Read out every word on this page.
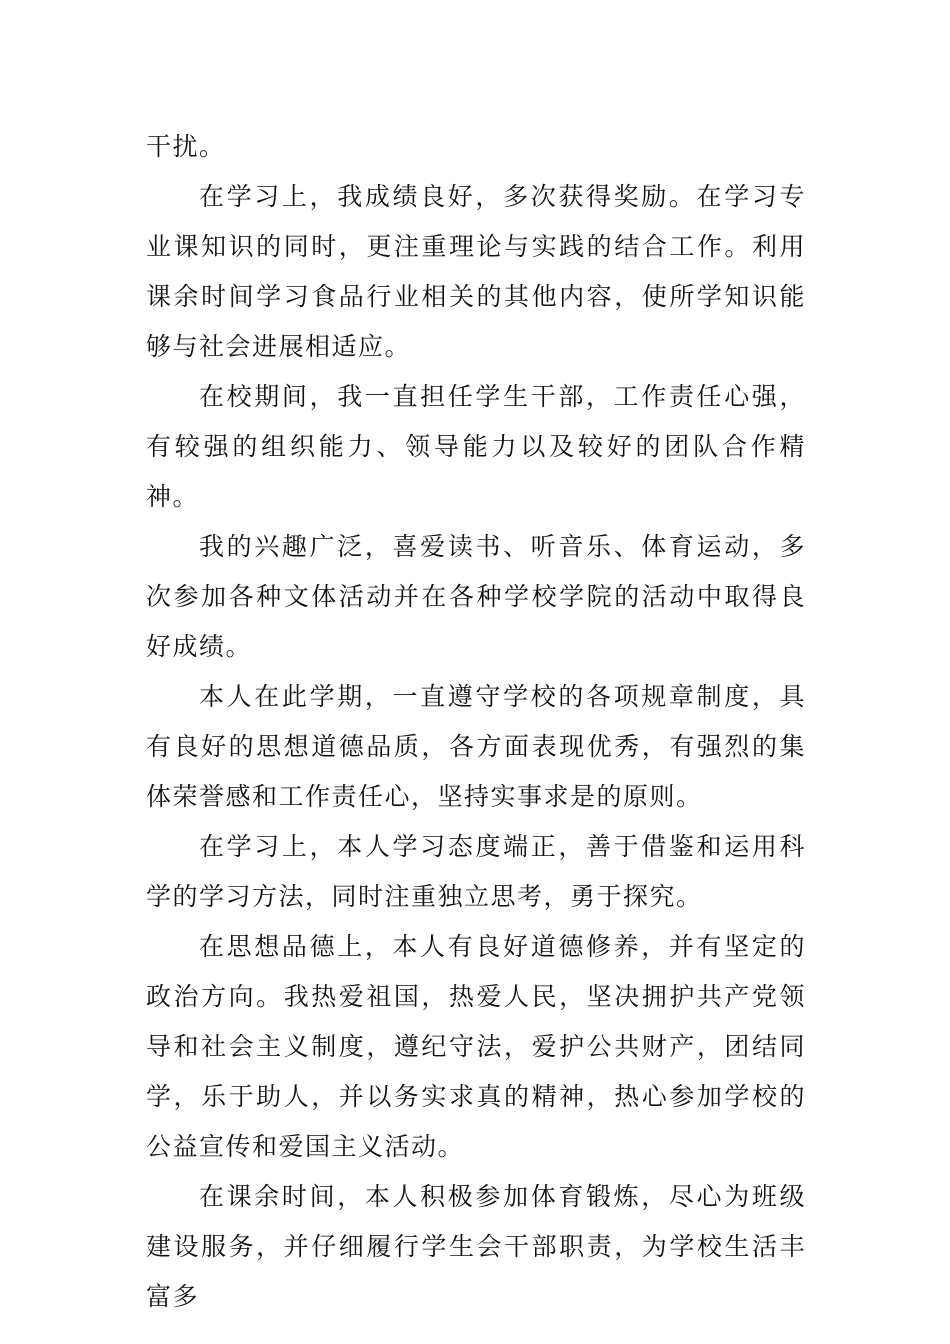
干扰。

在学习上，我成绩良好，多次获得奖励。在学习专业课知识的同时，更注重理论与实践的结合工作。利用课余时间学习食品行业相关的其他内容，使所学知识能够与社会进展相适应。

在校期间，我一直担任学生干部，工作责任心强，有较强的组织能力、领导能力以及较好的团队合作精神。

我的兴趣广泛，喜爱读书、听音乐、体育运动，多次参加各种文体活动并在各种学校学院的活动中取得良好成绩。

本人在此学期，一直遵守学校的各项规章制度，具有良好的思想道德品质，各方面表现优秀，有强烈的集体荣誉感和工作责任心，坚持实事求是的原则。

在学习上，本人学习态度端正，善于借鉴和运用科学的学习方法，同时注重独立思考，勇于探究。

在思想品德上，本人有良好道德修养，并有坚定的政治方向。我热爱祖国，热爱人民，坚决拥护共产党领导和社会主义制度，遵纪守法，爱护公共财产，团结同学，乐于助人，并以务实求真的精神，热心参加学校的公益宣传和爱国主义活动。

在课余时间，本人积极参加体育锻炼，尽心为班级建设服务，并仔细履行学生会干部职责，为学校生活丰富多
